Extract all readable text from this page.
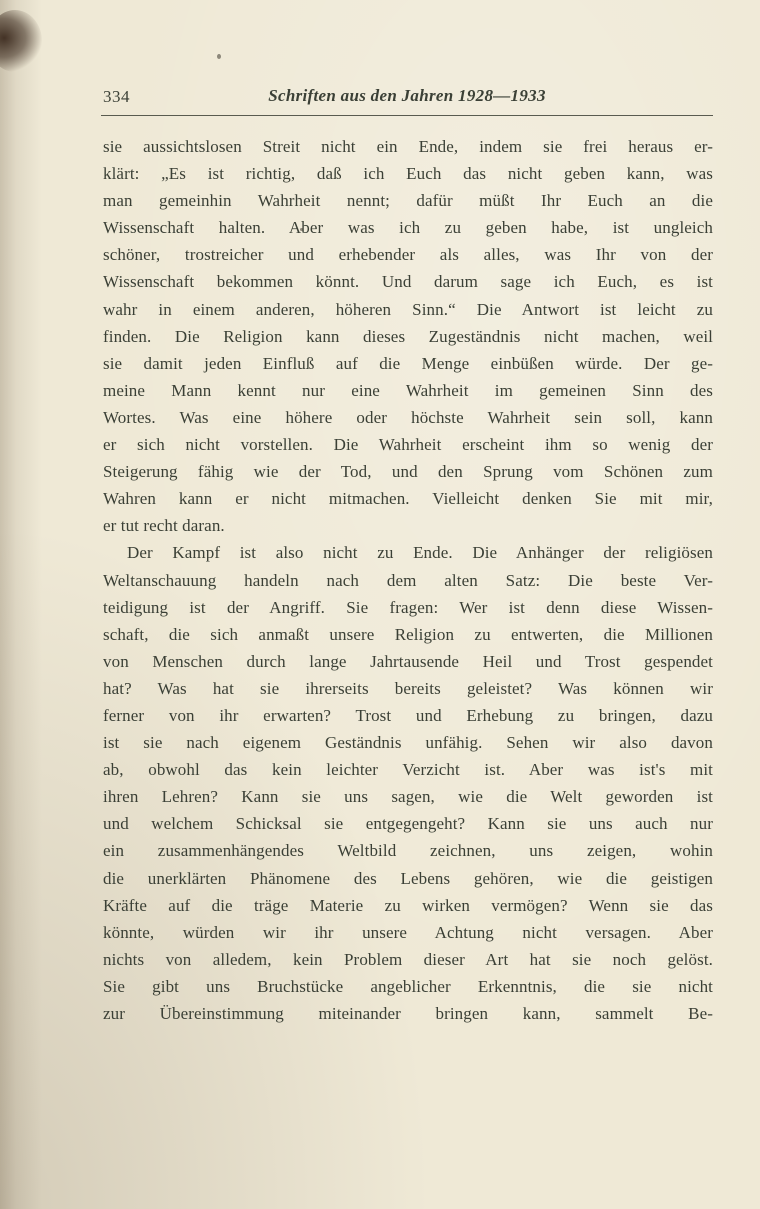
334	Schriften aus den Jahren 1928—1933
sie aussichtslosen Streit nicht ein Ende, indem sie frei heraus er-
klärt: „Es ist richtig, daß ich Euch das nicht geben kann, was
man gemeinhin Wahrheit nennt; dafür müßt Ihr Euch an die
Wissenschaft halten. Aber was ich zu geben habe, ist ungleich
schöner, trostreicher und erhebender als alles, was Ihr von der
Wissenschaft bekommen könnt. Und darum sage ich Euch, es ist
wahr in einem anderen, höheren Sinn.“ Die Antwort ist leicht zu
finden. Die Religion kann dieses Zugeständnis nicht machen, weil
sie damit jeden Einfluß auf die Menge einbüßen würde. Der ge-
meine Mann kennt nur eine Wahrheit im gemeinen Sinn des
Wortes. Was eine höhere oder höchste Wahrheit sein soll, kann
er sich nicht vorstellen. Die Wahrheit erscheint ihm so wenig der
Steigerung fähig wie der Tod, und den Sprung vom Schönen zum
Wahren kann er nicht mitmachen. Vielleicht denken Sie mit mir,
er tut recht daran.
Der Kampf ist also nicht zu Ende. Die Anhänger der religiösen
Weltanschauung handeln nach dem alten Satz: Die beste Ver-
teidigung ist der Angriff. Sie fragen: Wer ist denn diese Wissen-
schaft, die sich anmaßt unsere Religion zu entwerten, die Millionen
von Menschen durch lange Jahrtausende Heil und Trost gespendet
hat? Was hat sie ihrerseits bereits geleistet? Was können wir
ferner von ihr erwarten? Trost und Erhebung zu bringen, dazu
ist sie nach eigenem Geständnis unfähig. Sehen wir also davon
ab, obwohl das kein leichter Verzicht ist. Aber was ist's mit
ihren Lehren? Kann sie uns sagen, wie die Welt geworden ist
und welchem Schicksal sie entgegengeht? Kann sie uns auch nur
ein zusammenhängendes Weltbild zeichnen, uns zeigen, wohin
die unerklärten Phänomene des Lebens gehören, wie die geistigen
Kräfte auf die träge Materie zu wirken vermögen? Wenn sie das
könnte, würden wir ihr unsere Achtung nicht versagen. Aber
nichts von alledem, kein Problem dieser Art hat sie noch gelöst.
Sie gibt uns Bruchstücke angeblicher Erkenntnis, die sie nicht
zur Übereinstimmung miteinander bringen kann, sammelt Be-
